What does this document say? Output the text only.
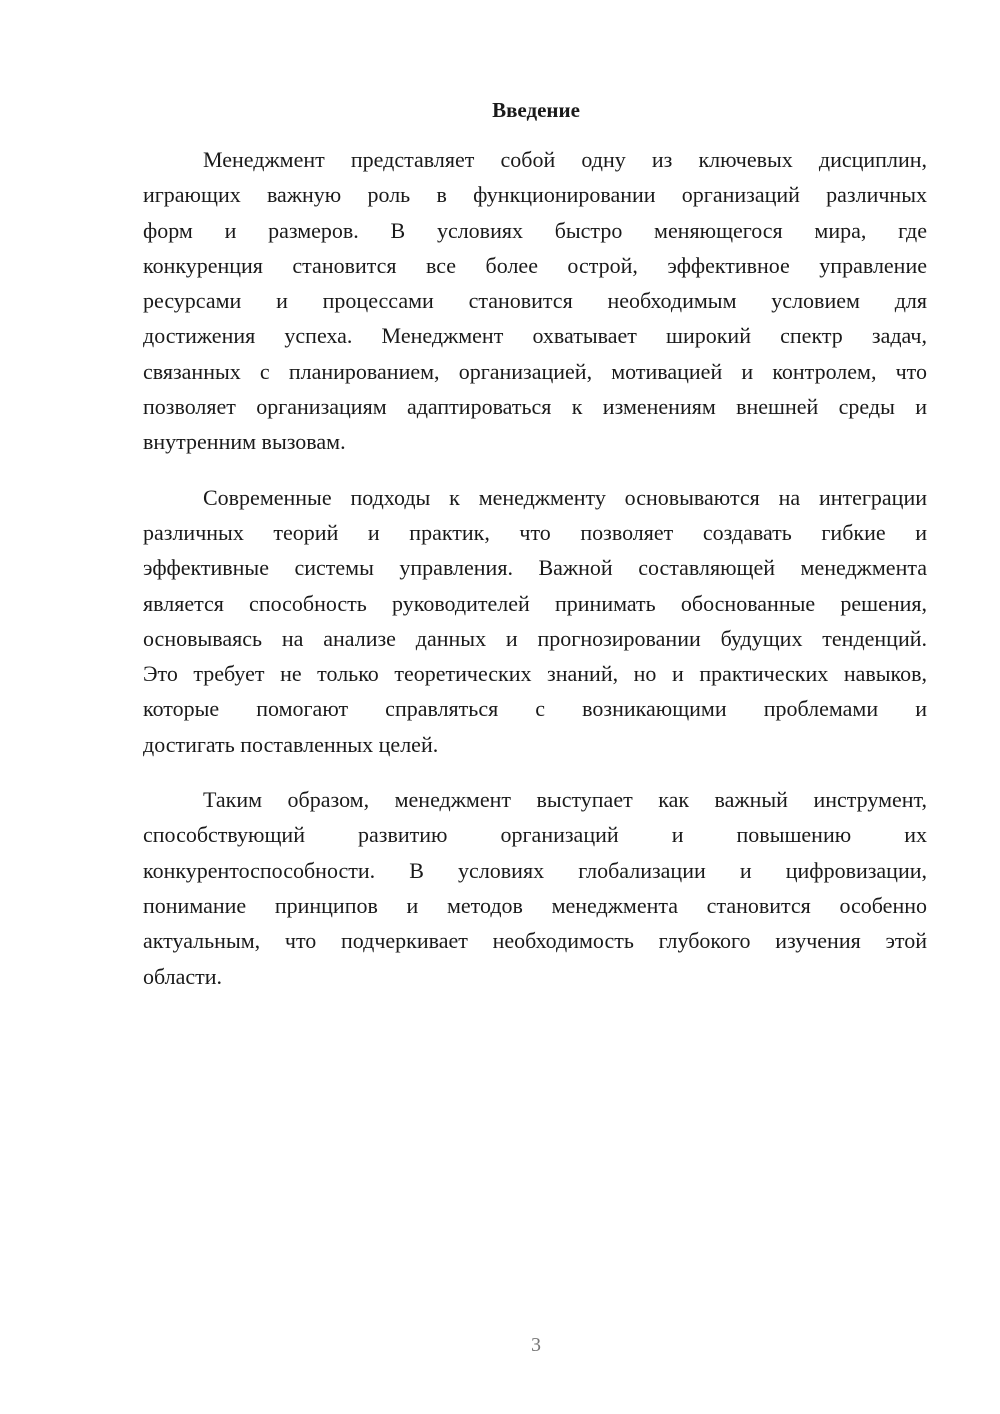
Введение
Менеджмент представляет собой одну из ключевых дисциплин,
играющих важную роль в функционировании организаций различных
форм и размеров. В условиях быстро меняющегося мира, где
конкуренция становится все более острой, эффективное управление
ресурсами и процессами становится необходимым условием для
достижения успеха. Менеджмент охватывает широкий спектр задач,
связанных с планированием, организацией, мотивацией и контролем, что
позволяет организациям адаптироваться к изменениям внешней среды и
внутренним вызовам.
Современные подходы к менеджменту основываются на интеграции
различных теорий и практик, что позволяет создавать гибкие и
эффективные системы управления. Важной составляющей менеджмента
является способность руководителей принимать обоснованные решения,
основываясь на анализе данных и прогнозировании будущих тенденций.
Это требует не только теоретических знаний, но и практических навыков,
которые помогают справляться с возникающими проблемами и
достигать поставленных целей.
Таким образом, менеджмент выступает как важный инструмент,
способствующий развитию организаций и повышению их
конкурентоспособности. В условиях глобализации и цифровизации,
понимание принципов и методов менеджмента становится особенно
актуальным, что подчеркивает необходимость глубокого изучения этой
области.
3
